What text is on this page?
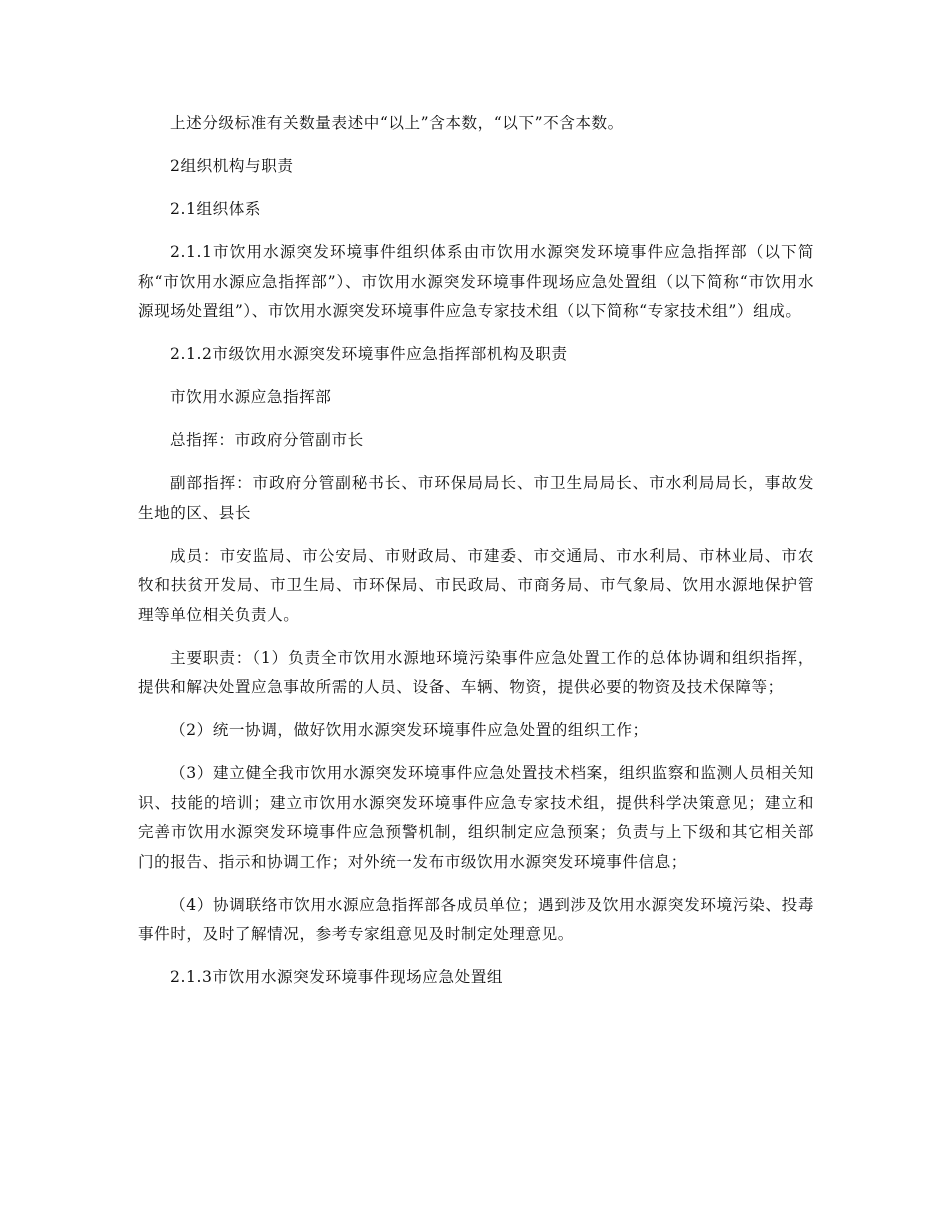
上述分级标准有关数量表述中“以上”含本数，“以下”不含本数。

2组织机构与职责

2.1组织体系

2.1.1市饮用水源突发环境事件组织体系由市饮用水源突发环境事件应急指挥部（以下简称“市饮用水源应急指挥部”）、市饮用水源突发环境事件现场应急处置组（以下简称“市饮用水源现场处置组”）、市饮用水源突发环境事件应急专家技术组（以下简称“专家技术组”）组成。

2.1.2市级饮用水源突发环境事件应急指挥部机构及职责

市饮用水源应急指挥部

总指挥：市政府分管副市长

副部指挥：市政府分管副秘书长、市环保局局长、市卫生局局长、市水利局局长，事故发生地的区、县长

成员：市安监局、市公安局、市财政局、市建委、市交通局、市水利局、市林业局、市农牧和扶贫开发局、市卫生局、市环保局、市民政局、市商务局、市气象局、饮用水源地保护管理等单位相关负责人。

主要职责：（1）负责全市饮用水源地环境污染事件应急处置工作的总体协调和组织指挥，提供和解决处置应急事故所需的人员、设备、车辆、物资，提供必要的物资及技术保障等；

（2）统一协调，做好饮用水源突发环境事件应急处置的组织工作；

（3）建立健全我市饮用水源突发环境事件应急处置技术档案，组织监察和监测人员相关知识、技能的培训；建立市饮用水源突发环境事件应急专家技术组，提供科学决策意见；建立和完善市饮用水源突发环境事件应急预警机制，组织制定应急预案；负责与上下级和其它相关部门的报告、指示和协调工作；对外统一发布市级饮用水源突发环境事件信息；

（4）协调联络市饮用水源应急指挥部各成员单位；遇到涉及饮用水源突发环境污染、投毒事件时，及时了解情况，参考专家组意见及时制定处理意见。

2.1.3市饮用水源突发环境事件现场应急处置组
